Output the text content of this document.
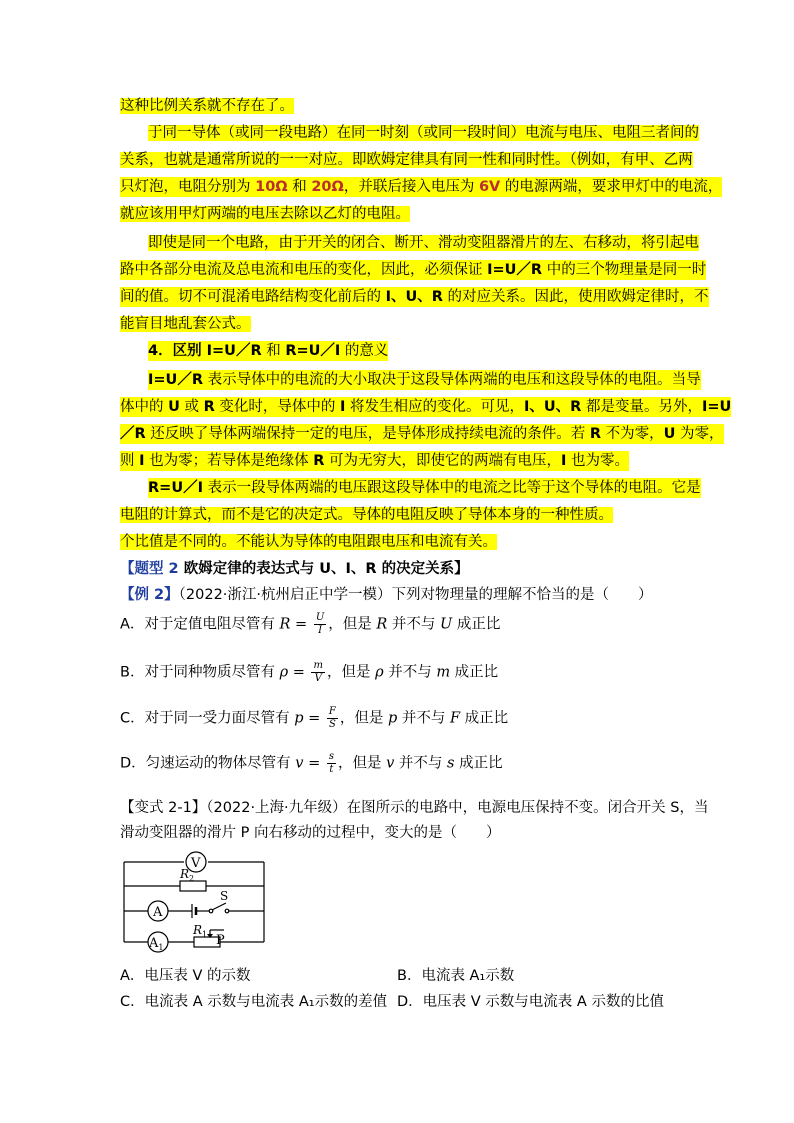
这种比例关系就不存在了。
于同一导体（或同一段电路）在同一时刻（或同一段时间）电流与电压、电阻三者间的
关系，也就是通常所说的一一对应。即欧姆定律具有同一性和同时性。（例如，有甲、乙两
只灯泡，电阻分别为 10Ω 和 20Ω，并联后接入电压为 6V 的电源两端，要求甲灯中的电流，
就应该用甲灯两端的电压去除以乙灯的电阻。
即使是同一个电路，由于开关的闭合、断开、滑动变阻器滑片的左、右移动，将引起电
路中各部分电流及总电流和电压的变化，因此，必须保证 I=U／R 中的三个物理量是同一时
间的值。切不可混淆电路结构变化前后的 I、U、R 的对应关系。因此，使用欧姆定律时，不
能盲目地乱套公式。
4．区别 I=U／R 和 R=U／I 的意义
I=U／R 表示导体中的电流的大小取决于这段导体两端的电压和这段导体的电阻。当导
体中的 U 或 R 变化时，导体中的 I 将发生相应的变化。可见，I、U、R 都是变量。另外，I=U
／R 还反映了导体两端保持一定的电压，是导体形成持续电流的条件。若 R 不为零，U 为零，
则 I 也为零；若导体是绝缘体 R 可为无穷大，即使它的两端有电压，I 也为零。
R=U／I 表示一段导体两端的电压跟这段导体中的电流之比等于这个导体的电阻。它是
电阻的计算式，而不是它的决定式。导体的电阻反映了导体本身的一种性质。
个比值是不同的。不能认为导体的电阻跟电压和电流有关。
【题型 2 欧姆定律的表达式与 U、I、R 的决定关系】
【例 2】（2022·浙江·杭州启正中学一模）下列对物理量的理解不恰当的是（　　）
A．对于定值电阻尽管有 $R = \frac{U}{I}$ ，但是 R 并不与 U 成正比
B．对于同种物质尽管有 $\rho = \frac{m}{V}$ ，但是 ρ 并不与 m 成正比
C．对于同一受力面尽管有 $p = \frac{F}{S}$ ，但是 p 并不与 F 成正比
D．匀速运动的物体尽管有 $v = \frac{s}{t}$ ，但是 v 并不与 s 成正比
【变式 2-1】（2022·上海·九年级）在图所示的电路中，电源电压保持不变。闭合开关 S，当
滑动变阻器的滑片 P 向右移动的过程中，变大的是（　　）
V
A
$A_1$
$R_2$
$R_1$
S
P
A．电压表 V 的示数	B．电流表 A₁示数
C．电流表 A 示数与电流表 A₁示数的差值 D．电压表 V 示数与电流表 A 示数的比值
